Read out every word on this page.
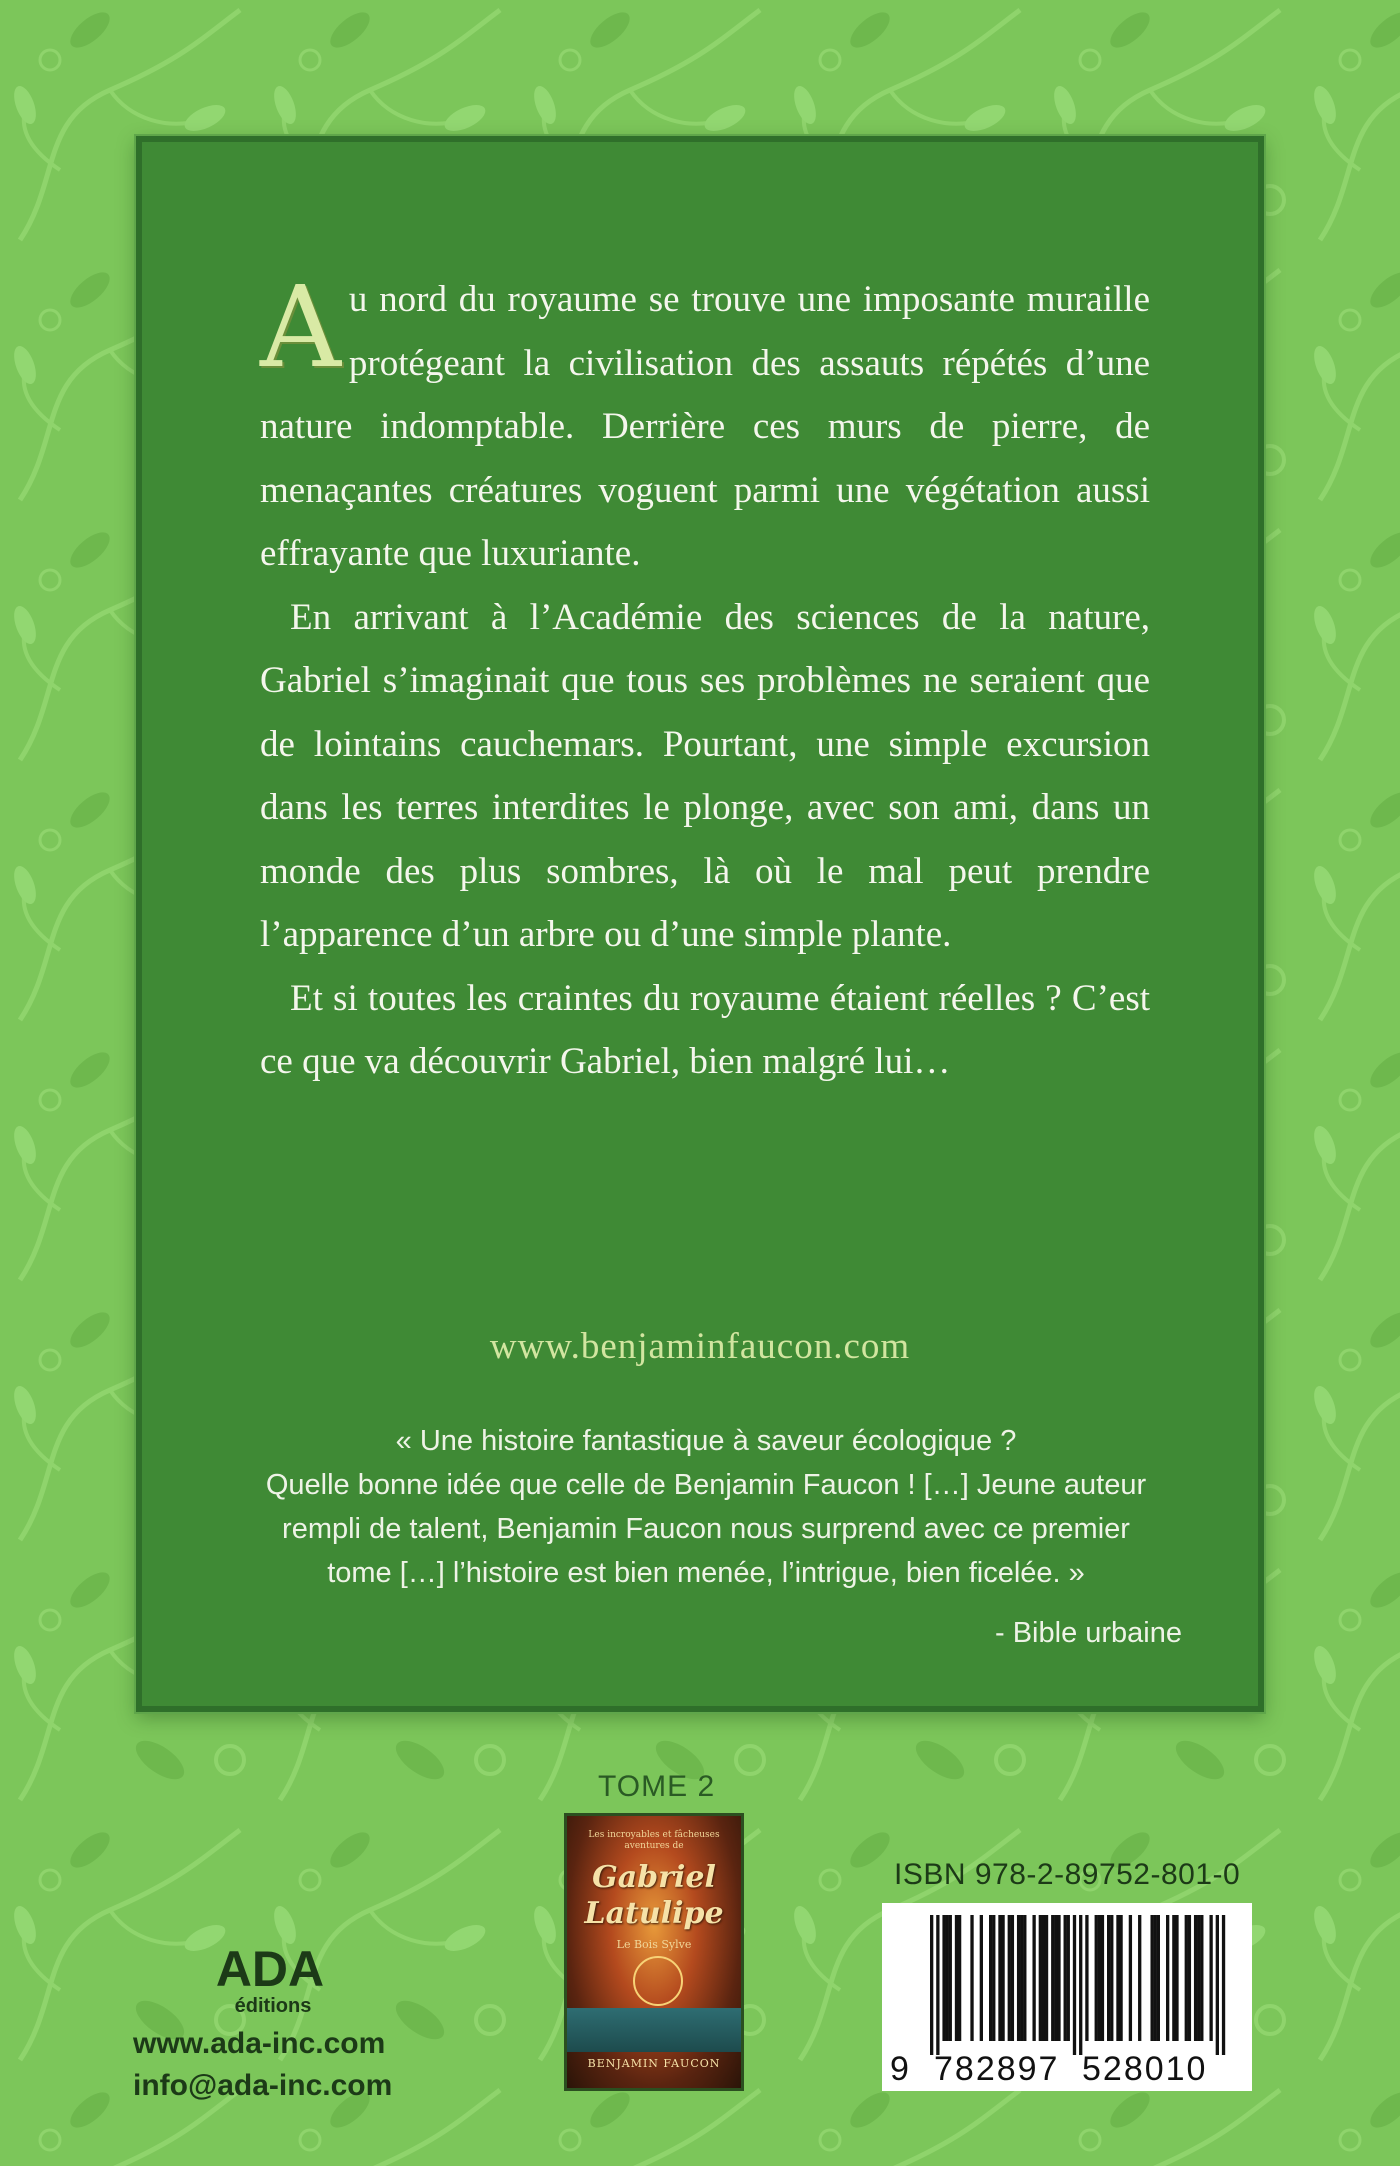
Au nord du royaume se trouve une imposante muraille protégeant la civilisation des assauts répétés d’une nature indomptable. Derrière ces murs de pierre, de menaçantes créatures voguent parmi une végétation aussi effrayante que luxuriante.

En arrivant à l’Académie des sciences de la nature, Gabriel s’imaginait que tous ses problèmes ne seraient que de lointains cauchemars. Pourtant, une simple excursion dans les terres interdites le plonge, avec son ami, dans un monde des plus sombres, là où le mal peut prendre l’apparence d’un arbre ou d’une simple plante.

Et si toutes les craintes du royaume étaient réelles ? C’est ce que va découvrir Gabriel, bien malgré lui…

www.benjaminfaucon.com
« Une histoire fantastique à saveur écologique ?
Quelle bonne idée que celle de Benjamin Faucon ! […] Jeune auteur
rempli de talent, Benjamin Faucon nous surprend avec ce premier
tome […] l’histoire est bien menée, l’intrigue, bien ficelée. »
- Bible urbaine
TOME 2
Les incroyables et fâcheuses aventures de
Gabriel
Latulipe
Le Bois Sylve
BENJAMIN FAUCON
ADA
éditions
www.ada-inc.com
info@ada-inc.com
ISBN 978-2-89752-801-0

9

782897

528010
